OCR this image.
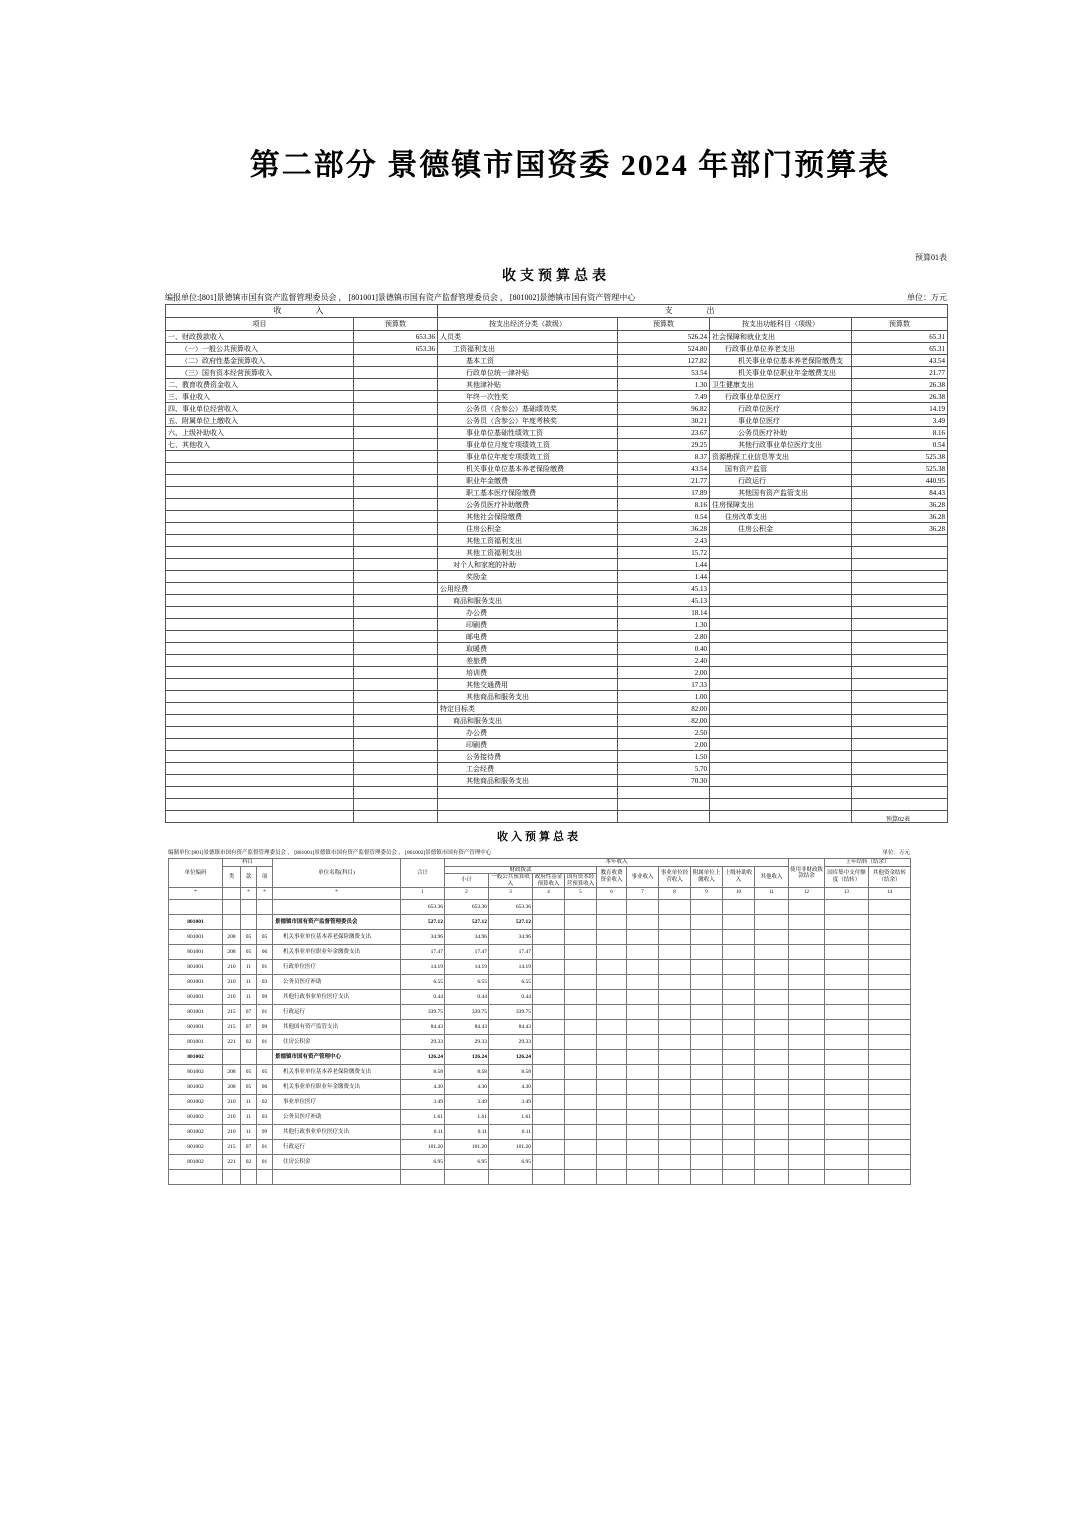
第二部分 景德镇市国资委 2024 年部门预算表
预算01表
收支预算总表
编报单位:[801]景德镇市国有资产监督管理委员会 ， [801001]景德镇市国有资产监督管理委员会 ， [801002]景德镇市国有资产管理中心	单位：万元
收　　入		支　　出			
项目	预算数	按支出经济分类（款级）	预算数	按支出功能科目（项级）	预算数
一、财政拨款收入	653.36	人员类	526.24	社会保障和就业支出	65.31
（一）一般公共预算收入	653.36	工资福利支出	524.80	行政事业单位养老支出	65.31
（二）政府性基金预算收入		基本工资	127.82	机关事业单位基本养老保险缴费支	43.54
（三）国有资本经营预算收入		行政单位统一津补贴	53.54	机关事业单位职业年金缴费支出	21.77
二、教育收费资金收入		其他津补贴	1.30	卫生健康支出	26.38
三、事业收入		年终一次性奖	7.49	行政事业单位医疗	26.38
四、事业单位经营收入		公务员（含参公）基础绩效奖	96.82	行政单位医疗	14.19
五、附属单位上缴收入		公务员（含参公）年度考核奖	30.21	事业单位医疗	3.49
六、上级补助收入		事业单位基础性绩效工资	23.67	公务员医疗补助	8.16
七、其他收入		事业单位月度专项绩效工资	29.25	其他行政事业单位医疗支出	0.54
		事业单位年度专项绩效工资	8.37	资源勘探工业信息等支出	525.38
		机关事业单位基本养老保险缴费	43.54	国有资产监管	525.38
		职业年金缴费	21.77	行政运行	440.95
		职工基本医疗保险缴费	17.89	其他国有资产监管支出	84.43
		公务员医疗补助缴费	8.16	住房保障支出	36.28
		其他社会保险缴费	0.54	住房改革支出	36.28
		住房公积金	36.28	住房公积金	36.28
		其他工资福利支出	2.43		
		其他工资福利支出	15.72		
		对个人和家庭的补助	1.44		
		奖励金	1.44		
		公用经费	45.13		
		商品和服务支出	45.13		
		办公费	18.14		
		印刷费	1.30		
		邮电费	2.80		
		取暖费	0.40		
		差旅费	2.40		
		培训费	2.00		
		其他交通费用	17.33		
		其他商品和服务支出	1.00		
		特定目标类	82.00		
		商品和服务支出	82.00		
		办公费	2.50		
		印刷费	2.00		
		公务接待费	1.50		
		工会经费	5.70		
		其他商品和服务支出	70.30		

预算02表
收入预算总表
编制单位:[801]景德镇市国有资产监督管理委员会 ， [801001]景德镇市国有资产监督管理委员会 ， [801002]景德镇市国有资产管理中心	单位：万元
单位编码	科目			单位名称(科目)	合计	本年收入										使用非财政拨款结余	上年结转（结余）	
	类	款	项			财政拨款				教育收费资金收入	事业收入	事业单位经营收入	附属单位上缴收入	上级补助收入	其他收入		国库集中支付额度（结转）	其他资金结转（结余）
						小计	一般公共预算收入	政府性基金预算收入	国有资本经营预算收入									
*		*	*	*	1	2	3	4	5	6	7	8	9	10	11	12	13	14
					653.36	653.36	653.36											
801001				景德镇市国有资产监督管理委员会	527.12	527.12	527.12											
801001	208	05	05	机关事业单位基本养老保险缴费支出	34.96	34.96	34.96											
801001	208	05	06	机关事业单位职业年金缴费支出	17.47	17.47	17.47											
801001	210	11	01	行政单位医疗	14.19	14.19	14.19											
801001	210	11	03	公务员医疗补助	6.55	6.55	6.55											
801001	210	11	99	其他行政事业单位医疗支出	0.44	0.44	0.44											
801001	215	07	01	行政运行	339.75	339.75	339.75											
801001	215	07	99	其他国有资产监管支出	84.43	84.43	84.43											
801001	221	02	01	住房公积金	29.33	29.33	29.33											
801002				景德镇市国有资产管理中心	126.24	126.24	126.24											
801002	208	05	05	机关事业单位基本养老保险缴费支出	8.58	8.58	8.58											
801002	208	05	06	机关事业单位职业年金缴费支出	4.30	4.30	4.30											
801002	210	11	02	事业单位医疗	3.49	3.49	3.49											
801002	210	11	03	公务员医疗补助	1.61	1.61	1.61											
801002	210	11	99	其他行政事业单位医疗支出	0.11	0.11	0.11											
801002	215	07	01	行政运行	101.20	101.20	101.20											
801002	221	02	01	住房公积金	6.95	6.95	6.95											
